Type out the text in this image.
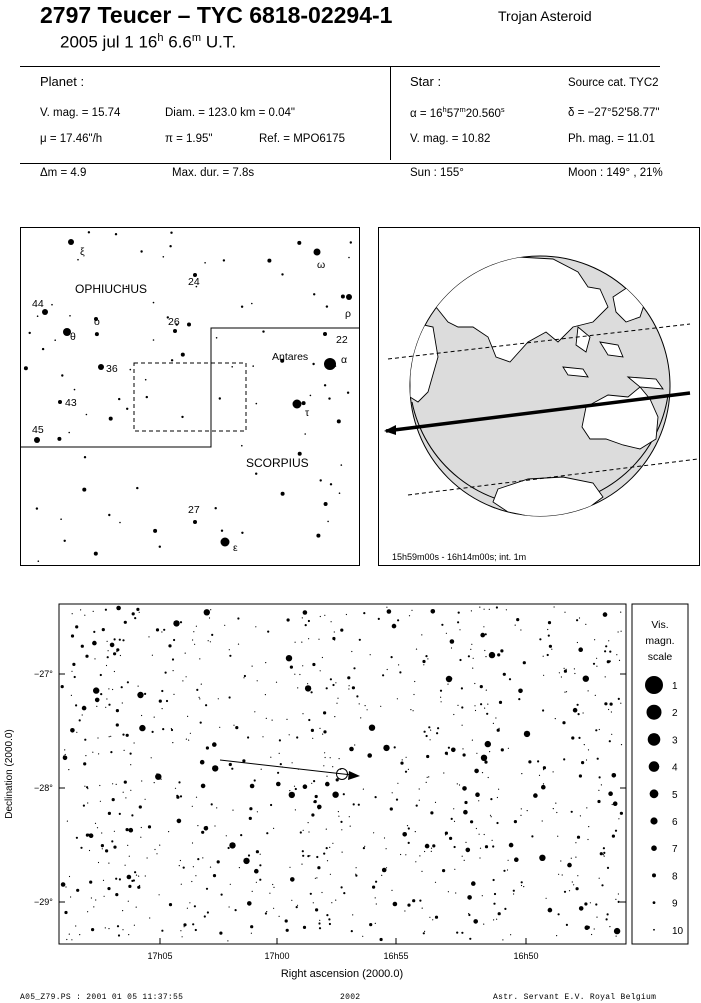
2797 Teucer – TYC 6818-02294-1	Trojan Asteroid
2005 jul 1 16$^h$ 6.6$^m$ U.T.
Planet :
V. mag. = 15.74	Diam. = 123.0 km = 0.04"
μ = 17.46"/h	π = 1.95"	Ref. = MPO6175
Δm = 4.9	Max. dur. = 7.8s
Star :	Source cat. TYC2
$\alpha = 16^h57^m20.560^s$	δ = −27°52'58.77"
V. mag. = 10.82	Ph. mag. = 11.01
Sun : 155°	Moon : 149° , 21%
OPHIUCHUS
SCORPIUS
Antares
ξ
ω
ρ
44
24
θ
ο	26
22
α
36
τ
43
45
27
ε
15h59m00s - 16h14m00s; int. 1m
−27°
−28°
−29°
17h05	17h00	16h55	16h50
Right ascension (2000.0)
Declination (2000.0)
Vis.
magn.
scale
1
2
3
4
5
6
7
8
9
10
A05_Z79.PS : 2001 01 05 11:37:55	2002	Astr. Servant E.V. Royal Belgium
